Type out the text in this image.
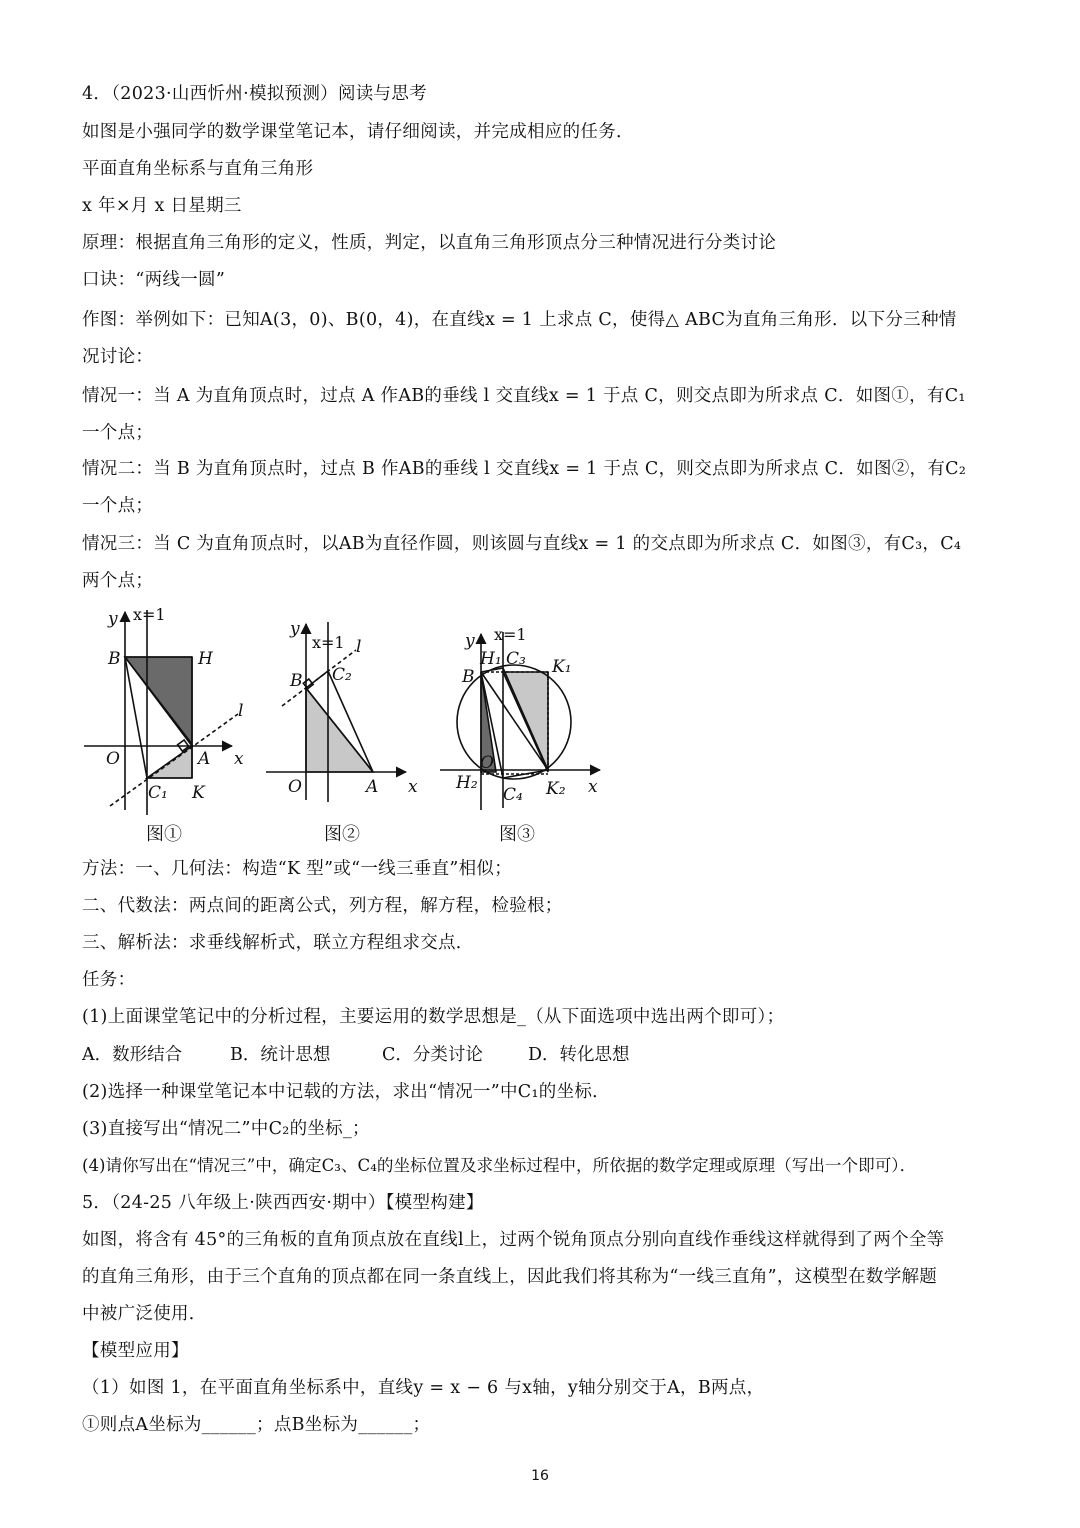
4．（2023·山西忻州·模拟预测）阅读与思考
如图是小强同学的数学课堂笔记本，请仔细阅读，并完成相应的任务．
平面直角坐标系与直角三角形
x 年×月 x 日星期三
原理：根据直角三角形的定义，性质，判定，以直角三角形顶点分三种情况进行分类讨论
口诀：“两线一圆”
作图：举例如下：已知A(3，0)、B(0，4)，在直线x = 1 上求点 C，使得△ ABC为直角三角形．以下分三种情
况讨论：
情况一：当 A 为直角顶点时，过点 A 作AB的垂线 l 交直线x = 1 于点 C，则交点即为所求点 C．如图①，有C₁
一个点；
情况二：当 B 为直角顶点时，过点 B 作AB的垂线 l 交直线x = 1 于点 C，则交点即为所求点 C．如图②，有C₂
一个点；
情况三：当 C 为直角顶点时，以AB为直径作圆，则该圆与直线x = 1 的交点即为所求点 C．如图③，有C₃，C₄
两个点；
y x=1
B	H
l
O	A x
C₁ K
y
x=1 l
B C₂
O	A x
y x=1
H₁ C₃ K₁
B
O
H₂
C₄ K₂ x
图①	图②	图③
方法：一、几何法：构造“K 型”或“一线三垂直”相似；
二、代数法：两点间的距离公式，列方程，解方程，检验根；
三、解析法：求垂线解析式，联立方程组求交点．
任务：
(1)上面课堂笔记中的分析过程，主要运用的数学思想是_（从下面选项中选出两个即可）；
A．数形结合	B．统计思想	C．分类讨论	D．转化思想
(2)选择一种课堂笔记本中记载的方法，求出“情况一”中C₁的坐标．
(3)直接写出“情况二”中C₂的坐标_；
(4)请你写出在“情况三”中，确定C₃、C₄的坐标位置及求坐标过程中，所依据的数学定理或原理（写出一个即可）．
5．（24-25 八年级上·陕西西安·期中）【模型构建】
如图，将含有 45°的三角板的直角顶点放在直线l上，过两个锐角顶点分别向直线作垂线这样就得到了两个全等
的直角三角形，由于三个直角的顶点都在同一条直线上，因此我们将其称为“一线三直角”，这模型在数学解题
中被广泛使用．
【模型应用】
（1）如图 1，在平面直角坐标系中，直线y = x − 6 与x轴，y轴分别交于A，B两点，
①则点A坐标为______；点B坐标为______；
16
